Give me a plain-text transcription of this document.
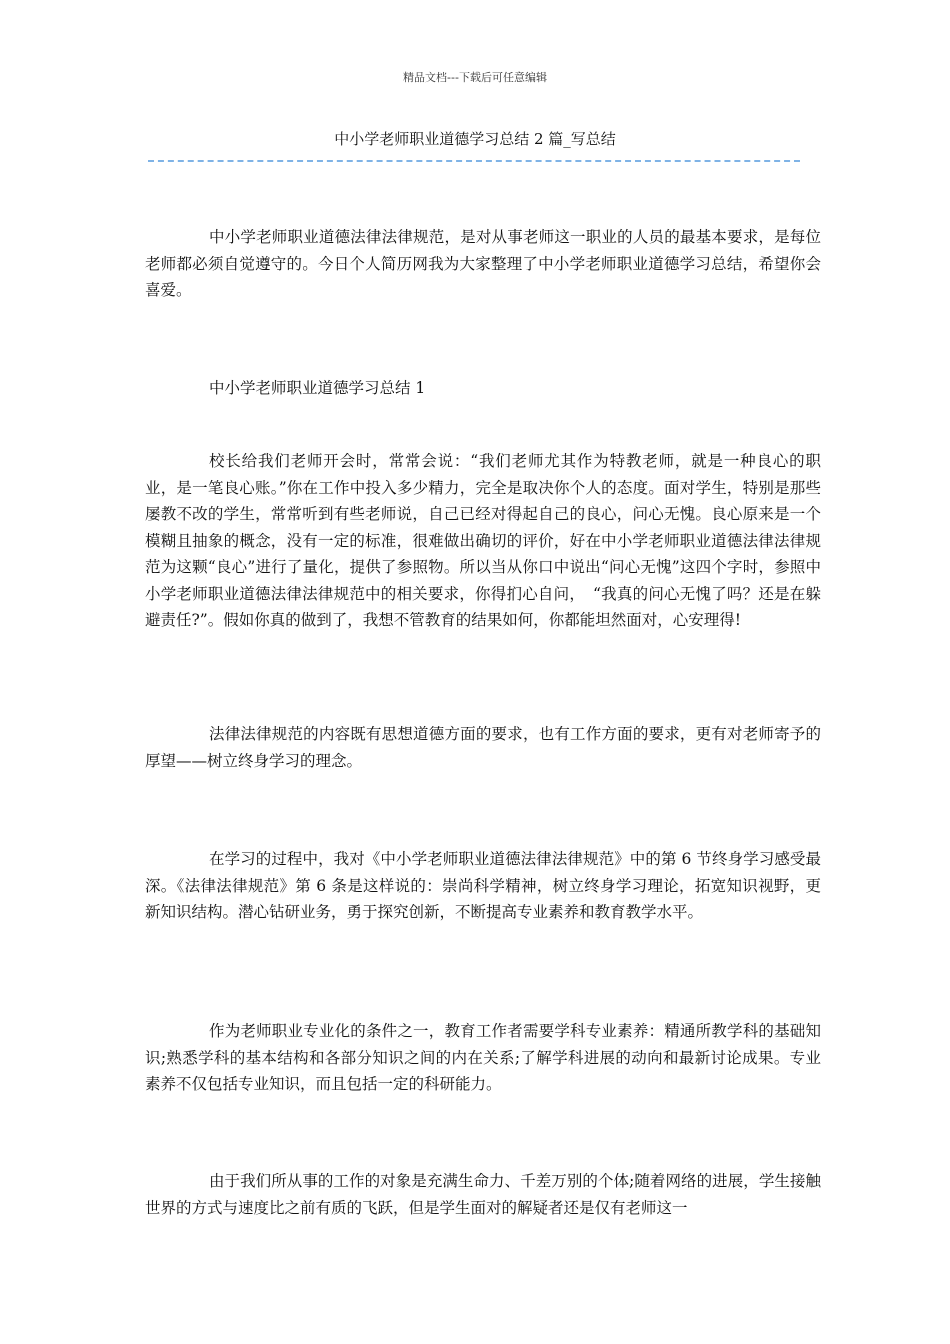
精品文档---下载后可任意编辑
中小学老师职业道德学习总结 2 篇_写总结

中小学老师职业道德法律法律规范，是对从事老师这一职业的人员的最基本要求，是每位老师都必须自觉遵守的。今日个人简历网我为大家整理了中小学老师职业道德学习总结，希望你会喜爱。

中小学老师职业道德学习总结 1

校长给我们老师开会时，常常会说：“我们老师尤其作为特教老师，就是一种良心的职业，是一笔良心账。”你在工作中投入多少精力，完全是取决你个人的态度。面对学生，特别是那些屡教不改的学生，常常听到有些老师说，自己已经对得起自己的良心，问心无愧。良心原来是一个模糊且抽象的概念，没有一定的标准，很难做出确切的评价，好在中小学老师职业道德法律法律规范为这颗“良心”进行了量化，提供了参照物。所以当从你口中说出“问心无愧”这四个字时，参照中小学老师职业道德法律法律规范中的相关要求，你得扪心自问，　“我真的问心无愧了吗？还是在躲避责任?”。假如你真的做到了，我想不管教育的结果如何，你都能坦然面对，心安理得!

法律法律规范的内容既有思想道德方面的要求，也有工作方面的要求，更有对老师寄予的厚望——树立终身学习的理念。

在学习的过程中，我对《中小学老师职业道德法律法律规范》中的第 6 节终身学习感受最深。《法律法律规范》第 6 条是这样说的：崇尚科学精神，树立终身学习理论，拓宽知识视野，更新知识结构。潜心钻研业务，勇于探究创新，不断提高专业素养和教育教学水平。

作为老师职业专业化的条件之一，教育工作者需要学科专业素养：精通所教学科的基础知识;熟悉学科的基本结构和各部分知识之间的内在关系;了解学科进展的动向和最新讨论成果。专业素养不仅包括专业知识，而且包括一定的科研能力。

由于我们所从事的工作的对象是充满生命力、千差万别的个体;随着网络的进展，学生接触世界的方式与速度比之前有质的飞跃，但是学生面对的解疑者还是仅有老师这一
